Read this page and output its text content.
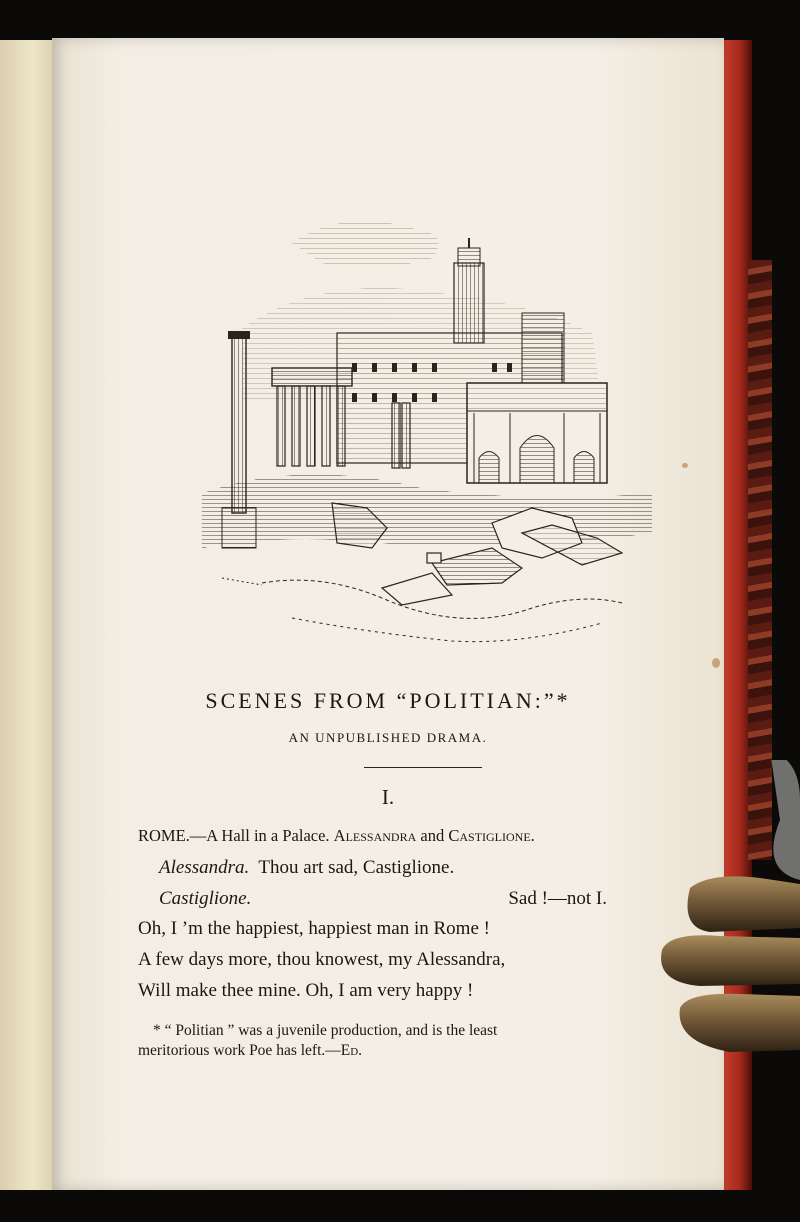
SCENES FROM “POLITIAN:”*
AN UNPUBLISHED DRAMA.
I.
ROME.—A Hall in a Palace. Alessandra and Castiglione.
Alessandra. Thou art sad, Castiglione.
Castiglione.	Sad !—not I.
Oh, I ’m the happiest, happiest man in Rome !
A few days more, thou knowest, my Alessandra,
Will make thee mine. Oh, I am very happy !
* “ Politian ” was a juvenile production, and is the least
meritorious work Poe has left.—Ed.
